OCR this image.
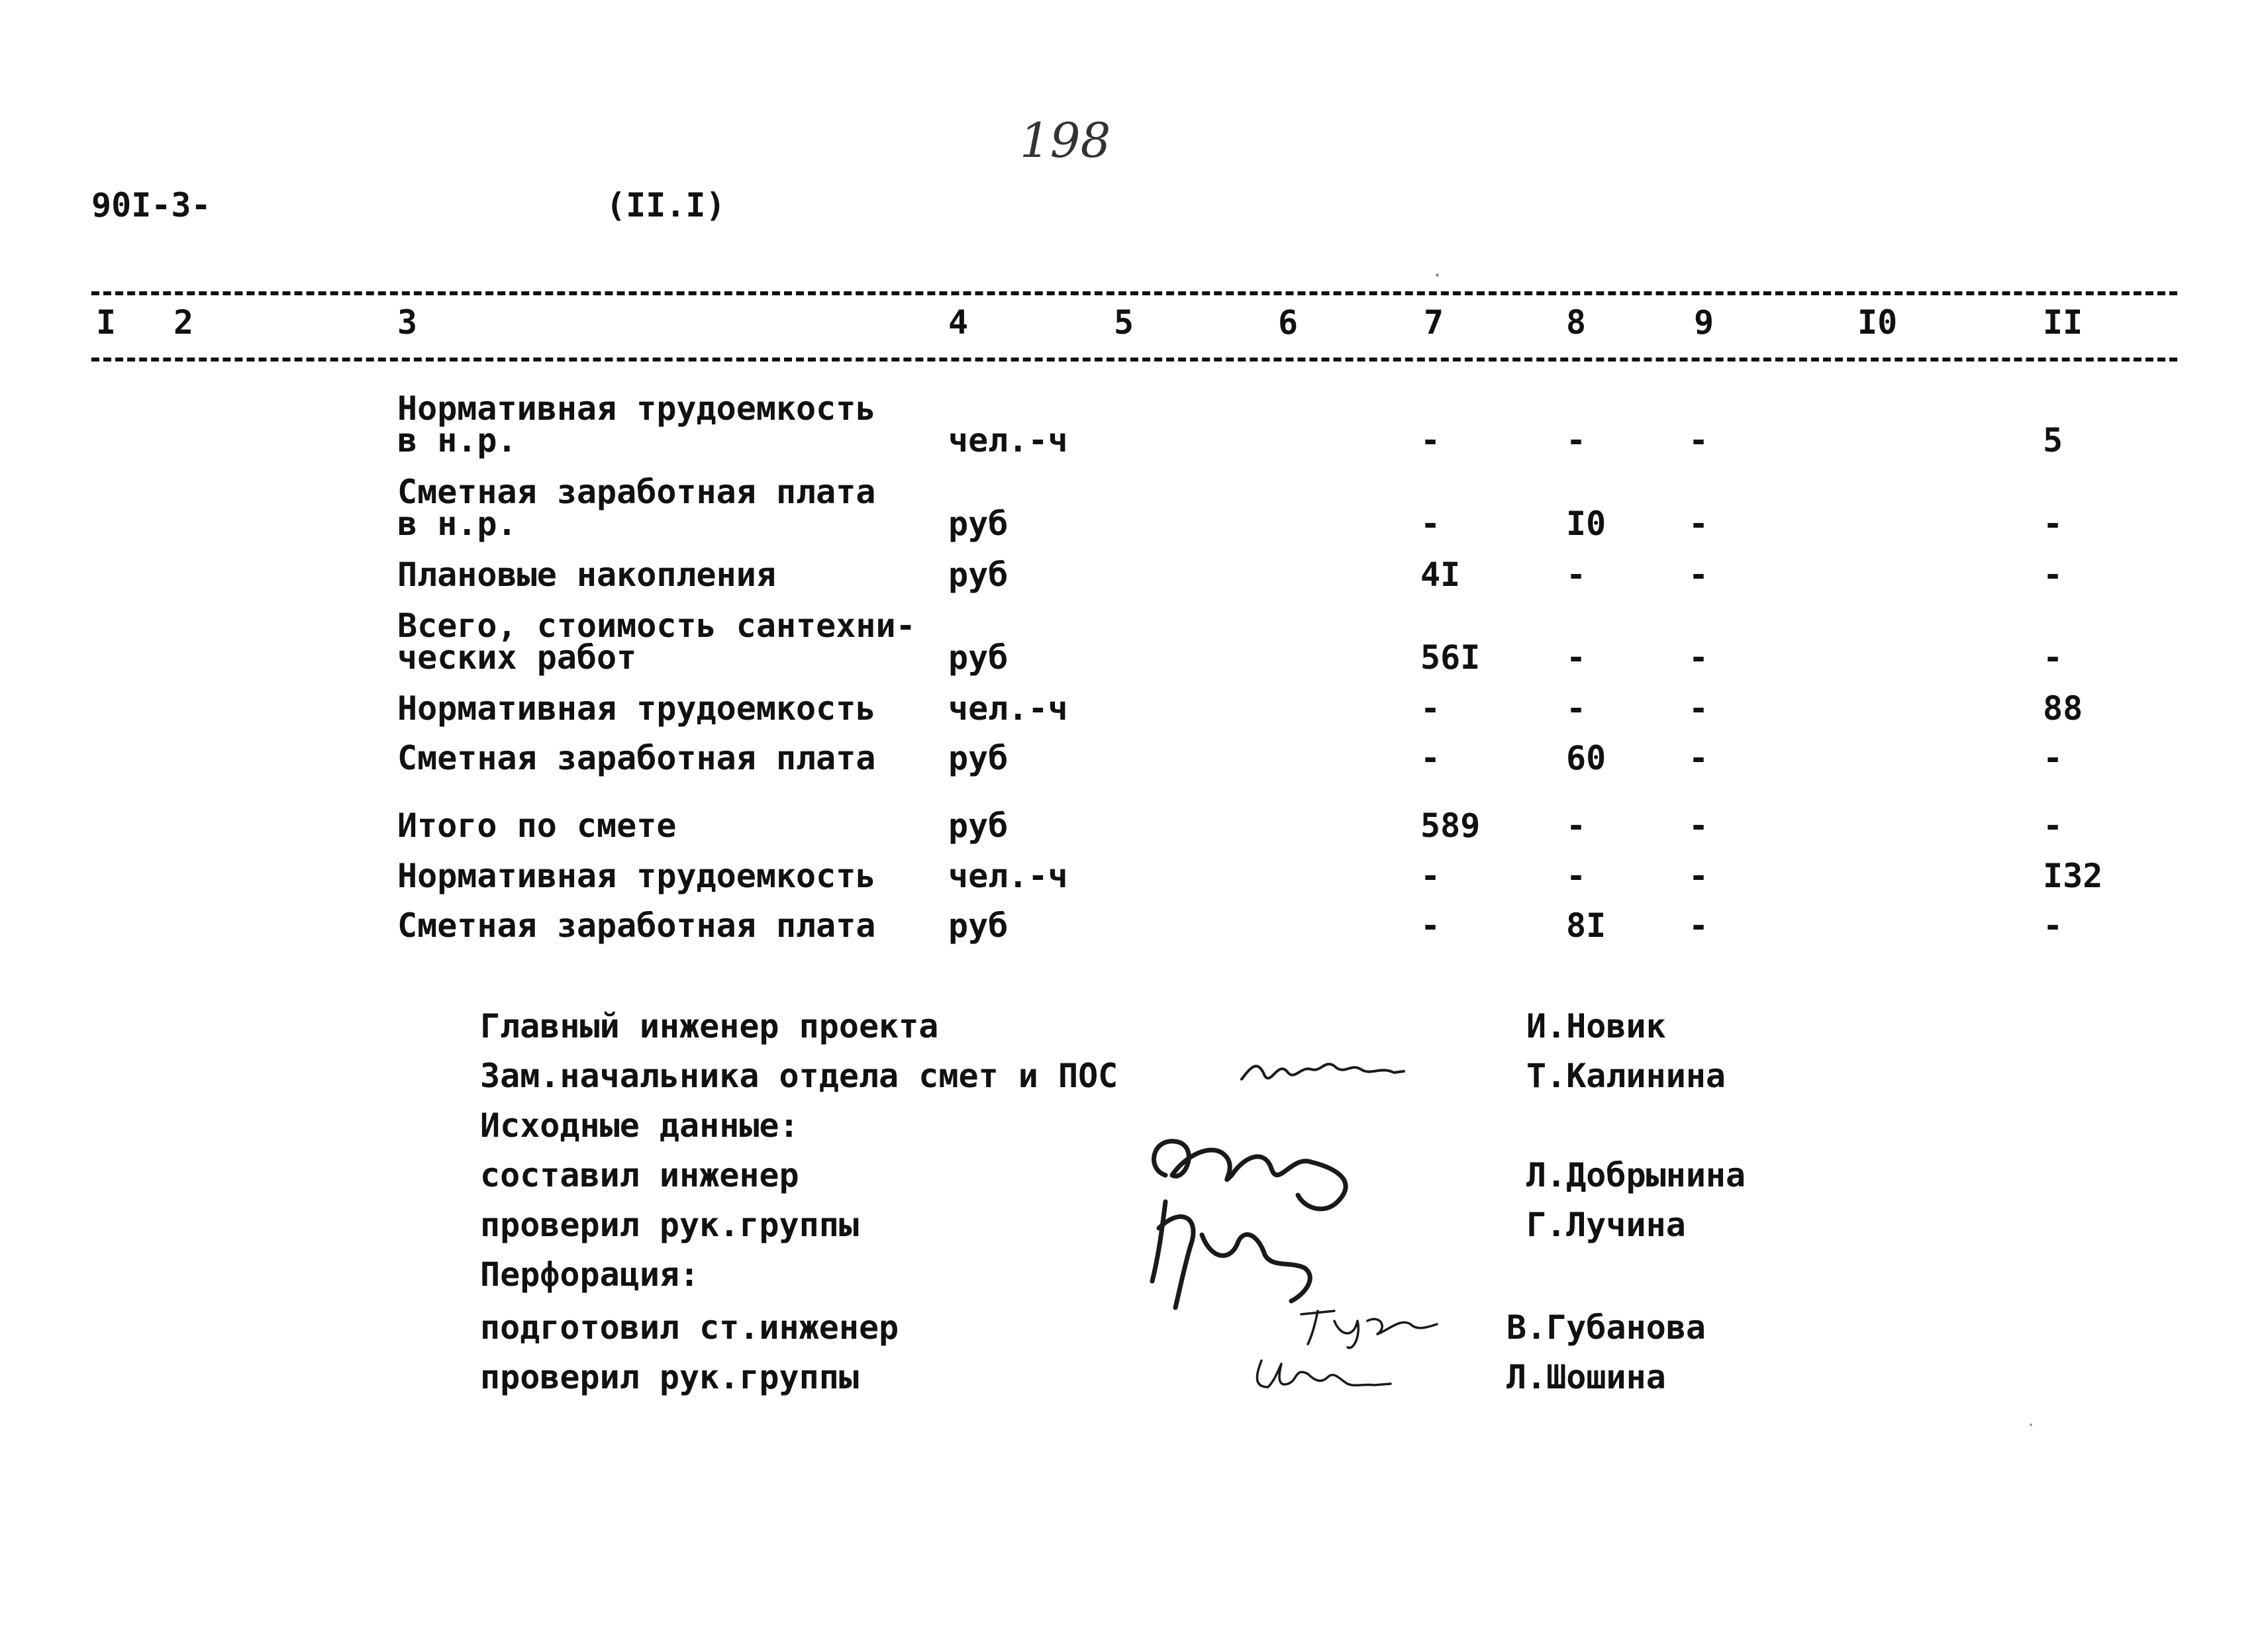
198
90I-3-	(II.I)
I 2	3	4	5	6	7	8	9	I0	II
Нормативная трудоемкость
в н.р.	чел.-ч	-	-	-	5
Сметная заработная плата
в н.р.	руб	-	I0 -	-
Плановые накопления	руб	4I	-	-	-
Всего, стоимость сантехни-
ческих работ	руб	56I	-	-	-
Нормативная трудоемкость чел.-ч	-	-	-	88
Сметная заработная плата руб	-	60 -	-
Итого по смете	руб	589	-	-	-
Нормативная трудоемкость чел.-ч	-	-	-	I32
Сметная заработная плата руб	-	8I -	-
Главный инженер проекта	И.Новик
Зам.начальника отдела смет и ПОС	Т.Калинина
Исходные данные:
составил инженер	Л.Добрынина
проверил рук.группы	Г.Лучина
Перфорация:
подготовил ст.инженер	В.Губанова
проверил рук.группы	Л.Шошина
